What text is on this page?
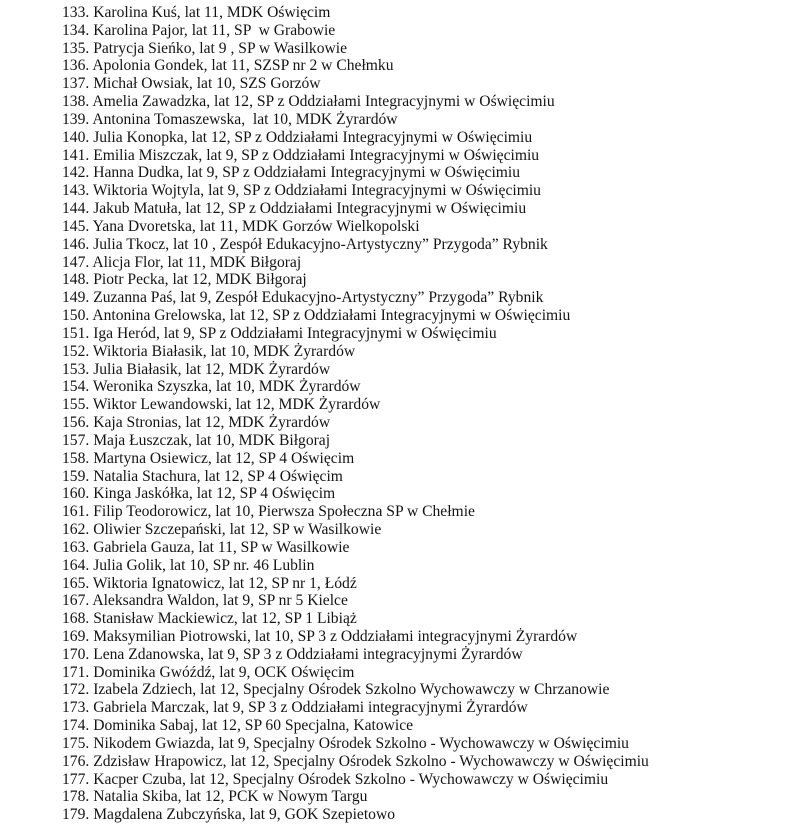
133. Karolina Kuś, lat 11, MDK Oświęcim
134. Karolina Pajor, lat 11, SP  w Grabowie
135. Patrycja Sieńko, lat 9 , SP w Wasilkowie
136. Apolonia Gondek, lat 11, SZSP nr 2 w Chełmku
137. Michał Owsiak, lat 10, SZS Gorzów
138. Amelia Zawadzka, lat 12, SP z Oddziałami Integracyjnymi w Oświęcimiu
139. Antonina Tomaszewska,  lat 10, MDK Żyrardów
140. Julia Konopka, lat 12, SP z Oddziałami Integracyjnymi w Oświęcimiu
141. Emilia Miszczak, lat 9, SP z Oddziałami Integracyjnymi w Oświęcimiu
142. Hanna Dudka, lat 9, SP z Oddziałami Integracyjnymi w Oświęcimiu
143. Wiktoria Wojtyla, lat 9, SP z Oddziałami Integracyjnymi w Oświęcimiu
144. Jakub Matuła, lat 12, SP z Oddziałami Integracyjnymi w Oświęcimiu
145. Yana Dvoretska, lat 11, MDK Gorzów Wielkopolski
146. Julia Tkocz, lat 10 , Zespół Edukacyjno-Artystyczny” Przygoda” Rybnik
147. Alicja Flor, lat 11, MDK Biłgoraj
148. Piotr Pecka, lat 12, MDK Biłgoraj
149. Zuzanna Paś, lat 9, Zespół Edukacyjno-Artystyczny” Przygoda” Rybnik
150. Antonina Grelowska, lat 12, SP z Oddziałami Integracyjnymi w Oświęcimiu
151. Iga Heród, lat 9, SP z Oddziałami Integracyjnymi w Oświęcimiu
152. Wiktoria Białasik, lat 10, MDK Żyrardów
153. Julia Białasik, lat 12, MDK Żyrardów
154. Weronika Szyszka, lat 10, MDK Żyrardów
155. Wiktor Lewandowski, lat 12, MDK Żyrardów
156. Kaja Stronias, lat 12, MDK Żyrardów
157. Maja Łuszczak, lat 10, MDK Biłgoraj
158. Martyna Osiewicz, lat 12, SP 4 Oświęcim
159. Natalia Stachura, lat 12, SP 4 Oświęcim
160. Kinga Jaskółka, lat 12, SP 4 Oświęcim
161. Filip Teodorowicz, lat 10, Pierwsza Społeczna SP w Chełmie
162. Oliwier Szczepański, lat 12, SP w Wasilkowie
163. Gabriela Gauza, lat 11, SP w Wasilkowie
164. Julia Golik, lat 10, SP nr. 46 Lublin
165. Wiktoria Ignatowicz, lat 12, SP nr 1, Łódź
167. Aleksandra Waldon, lat 9, SP nr 5 Kielce
168. Stanisław Mackiewicz, lat 12, SP 1 Libiąż
169. Maksymilian Piotrowski, lat 10, SP 3 z Oddziałami integracyjnymi Żyrardów
170. Lena Zdanowska, lat 9, SP 3 z Oddziałami integracyjnymi Żyrardów
171. Dominika Gwóźdź, lat 9, OCK Oświęcim
172. Izabela Zdziech, lat 12, Specjalny Ośrodek Szkolno Wychowawczy w Chrzanowie
173. Gabriela Marczak, lat 9, SP 3 z Oddziałami integracyjnymi Żyrardów
174. Dominika Sabaj, lat 12, SP 60 Specjalna, Katowice
175. Nikodem Gwiazda, lat 9, Specjalny Ośrodek Szkolno - Wychowawczy w Oświęcimiu
176. Zdzisław Hrapowicz, lat 12, Specjalny Ośrodek Szkolno - Wychowawczy w Oświęcimiu
177. Kacper Czuba, lat 12, Specjalny Ośrodek Szkolno - Wychowawczy w Oświęcimiu
178. Natalia Skiba, lat 12, PCK w Nowym Targu
179. Magdalena Zubczyńska, lat 9, GOK Szepietowo
